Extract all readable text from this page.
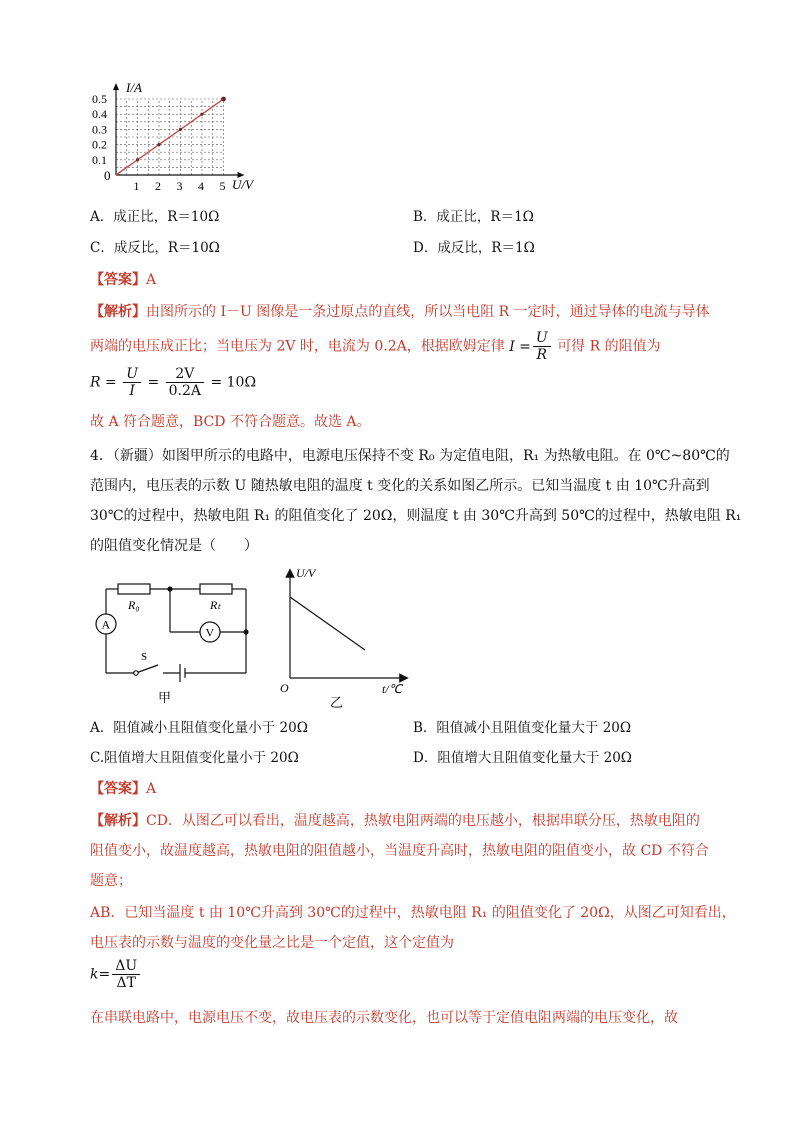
1 2 3 4 5
0.1
0.2
0.3
0.4
0.5
I/A
U/V
0
A．成正比，R＝10Ω	B．成正比，R＝1Ω
C．成反比，R＝10Ω	D．成反比，R＝1Ω
【答案】A
【解析】由图所示的 I－U 图像是一条过原点的直线，所以当电阻 R 一定时，通过导体的电流与导体
两端的电压成正比；当电压为 2V 时，电流为 0.2A，根据欧姆定律 $I = \frac{U}{R}$ 可得 R 的阻值为
$R = \frac{U}{I} = \frac{2V}{0.2A} = 10\Omega$
故 A 符合题意，BCD 不符合题意。故选 A。
4．（新疆）如图甲所示的电路中，电源电压保持不变 R₀ 为定值电阻，R₁ 为热敏电阻。在 0℃~80℃的
范围内，电压表的示数 U 随热敏电阻的温度 t 变化的关系如图乙所示。已知当温度 t 由 10℃升高到
30℃的过程中，热敏电阻 R₁ 的阻值变化了 20Ω，则温度 t 由 30℃升高到 50℃的过程中，热敏电阻 R₁
的阻值变化情况是（　　）
A
V
R₀	Rₜ
S
甲
U/V
t/℃
O
乙
A．阻值减小且阻值变化量小于 20Ω	B．阻值减小且阻值变化量大于 20Ω
C.阻值增大且阻值变化量小于 20Ω	D．阻值增大且阻值变化量大于 20Ω
【答案】A
【解析】CD．从图乙可以看出，温度越高，热敏电阻两端的电压越小，根据串联分压，热敏电阻的
阻值变小，故温度越高，热敏电阻的阻值越小，当温度升高时，热敏电阻的阻值变小，故 CD 不符合
题意；
AB．已知当温度 t 由 10℃升高到 30℃的过程中，热敏电阻 R₁ 的阻值变化了 20Ω，从图乙可知看出，
电压表的示数与温度的变化量之比是一个定值，这个定值为
$k= \frac{\Delta U}{\Delta T}$
在串联电路中，电源电压不变，故电压表的示数变化，也可以等于定值电阻两端的电压变化，故
